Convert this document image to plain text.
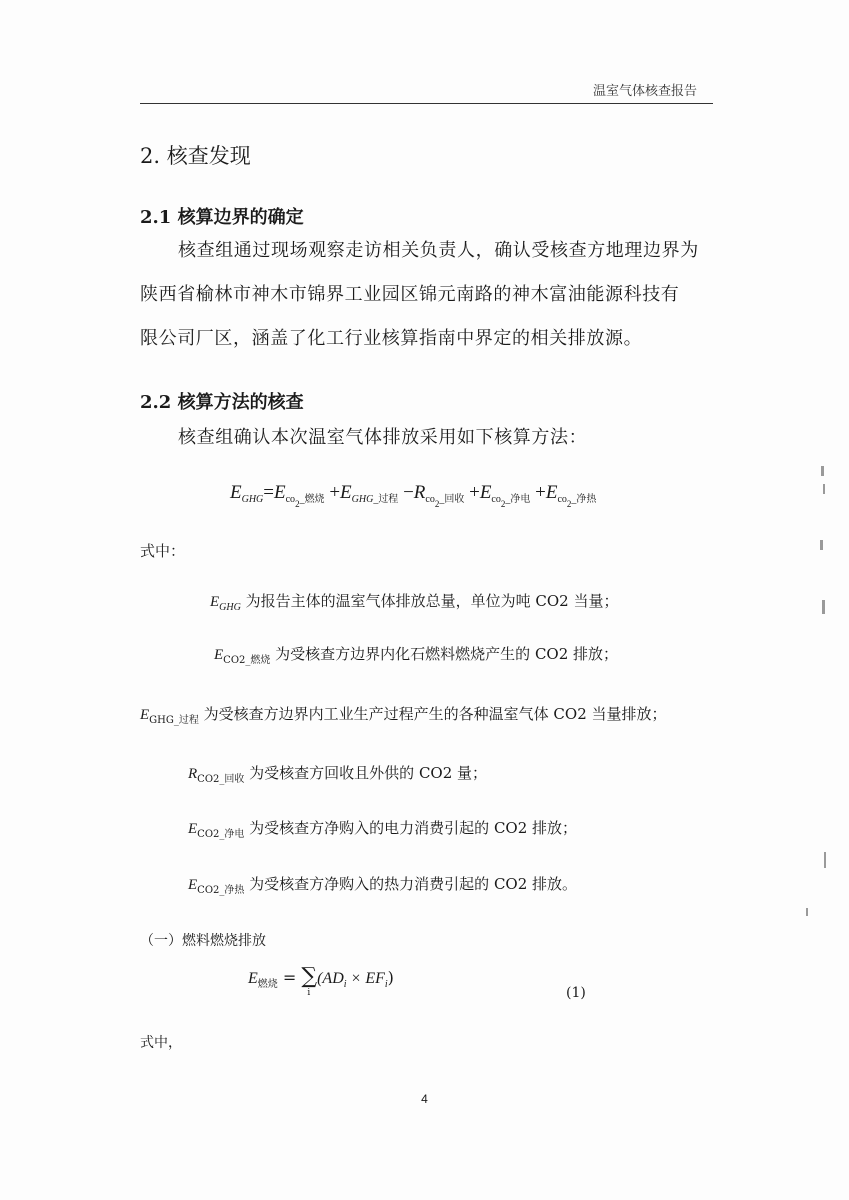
温室气体核查报告
2. 核查发现
2.1 核算边界的确定
核查组通过现场观察走访相关负责人，确认受核查方地理边界为
陕西省榆林市神木市锦界工业园区锦元南路的神木富油能源科技有
限公司厂区，涵盖了化工行业核算指南中界定的相关排放源。
2.2 核算方法的核查
核查组确认本次温室气体排放采用如下核算方法：
$E_{GHG}=E_{co2\_燃烧} +E_{GHG\_过程} -R_{co2\_回收} +E_{co2\_净电} +E_{co2\_净热}$
式中：
$E_{GHG}$ 为报告主体的温室气体排放总量，单位为吨 CO2 当量；
$E_{CO2\_燃烧}$ 为受核查方边界内化石燃料燃烧产生的 CO2 排放；
$E_{GHG\_过程}$ 为受核查方边界内工业生产过程产生的各种温室气体 CO2 当量排放；
$R_{CO2\_回收}$ 为受核查方回收且外供的 CO2 量；
$E_{CO2\_净电}$ 为受核查方净购入的电力消费引起的 CO2 排放；
$E_{CO2\_净热}$ 为受核查方净购入的热力消费引起的 CO2 排放。
（一）燃料燃烧排放
$E_{燃烧}$ = ∑
i
$(AD_i \times EF_i)$
(1)
式中，
4
